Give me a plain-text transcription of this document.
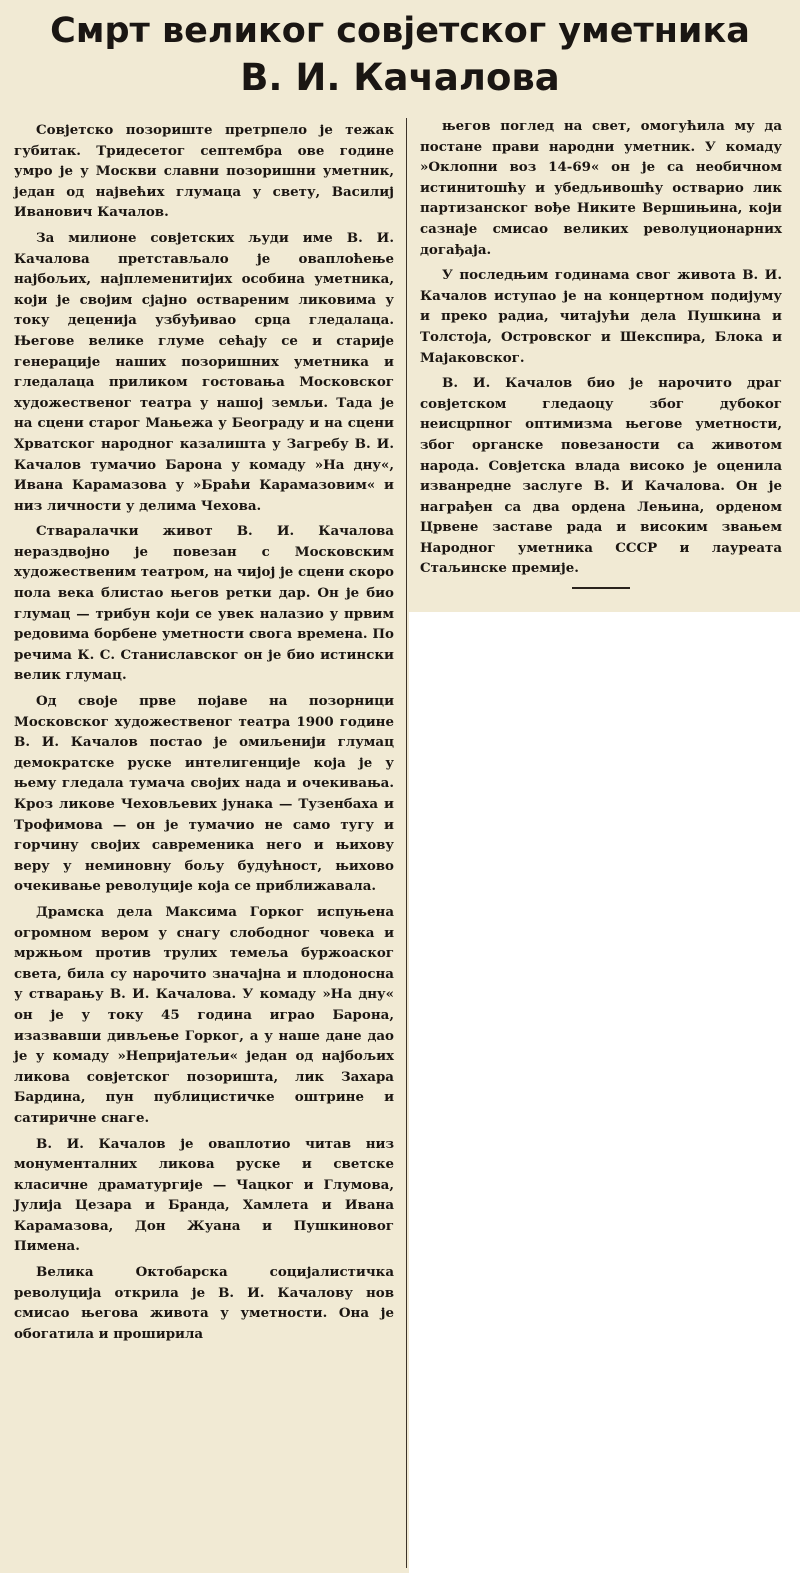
Смрт великог совјетског уметника
В. И. Качалова

Совјетско позориште претрпело је тежак губитак. Тридесетог септембра ове године умро је у Москви славни позоришни уметник, један од највећих глумаца у свету, Василиј Иванович Качалов.

За милионе совјетских људи име В. И. Качалова претстављало је оваплоћење најбољих, најплеменитијих особина уметника, који је својим сјајно оствареним ликовима у току деценија узбуђивао срца гледалаца. Његове велике глуме сећају се и старије генерације наших позоришних уметника и гледалаца приликом гостовања Московског художественог театра у нашој земљи. Тада је на сцени старог Мањежа у Београду и на сцени Хрватског народног казалишта у Загребу В. И. Качалов тумачио Барона у комаду »На дну«, Ивана Карамазова у »Браћи Карамазовим« и низ личности у делима Чехова.

Стваралачки живот В. И. Качалова нераздвојно је повезан с Московским художественим театром, на чијој је сцени скоро пола века блистао његов ретки дар. Он је био глумац — трибун који се увек налазио у првим редовима борбене уметности свога времена. По речима К. С. Станиславског он је био истински велик глумац.

Од своје прве појаве на позорници Московског художественог театра 1900 године В. И. Качалов постао је омиљенији глумац демократске руске интелигенције која је у њему гледала тумача својих нада и очекивања. Кроз ликове Чеховљевих јунака — Тузенбаха и Трофимова — он је тумачио не само тугу и горчину својих савременика него и њихову веру у неминовну бољу будућност, њихово очекивање револуције која се приближавала.

Драмска дела Максима Горког испуњена огромном вером у снагу слободног човека и мржњом против трулих темеља буржоаског света, била су нарочито значајна и плодоносна у стварању В. И. Качалова. У комаду »На дну« он је у току 45 година играо Барона, изазвавши дивљење Горког, а у наше дане дао је у комаду »Непријатељи« један од најбољих ликова совјетског позоришта, лик Захара Бардина, пун публицистичке оштрине и сатиричне снаге.

В. И. Качалов је оваплотио читав низ монументалних ликова руске и светске класичне драматургије — Чацког и Глумова, Јулија Цезара и Бранда, Хамлета и Ивана Карамазова, Дон Жуана и Пушкиновог Пимена.

Велика Октобарска социјалистичка револуција открила је В. И. Качалову нов смисао његова живота у уметности. Она је обогатила и проширила

његов поглед на свет, омогућила му да постане прави народни уметник. У комаду »Оклопни воз 14-69« он је са необичном истинитошћу и убедљивошћу остварио лик партизанског вође Никите Вершињина, који сазнаје смисао великих револуционарних догађаја.

У последњим годинама свог живота В. И. Качалов иступао је на концертном подијуму и преко радиа, читајући дела Пушкина и Толстоја, Островског и Шекспира, Блока и Мајаковског.

В. И. Качалов био је нарочито драг совјетском гледаоцу због дубоког неисцрпног оптимизма његове уметности, због органске повезаности са животом народа. Совјетска влада високо је оценила изванредне заслуге В. И Качалова. Он је награђен са два ордена Лењина, орденом Црвене заставе рада и високим звањем Народног уметника СССР и лауреата Стаљинске премије.
